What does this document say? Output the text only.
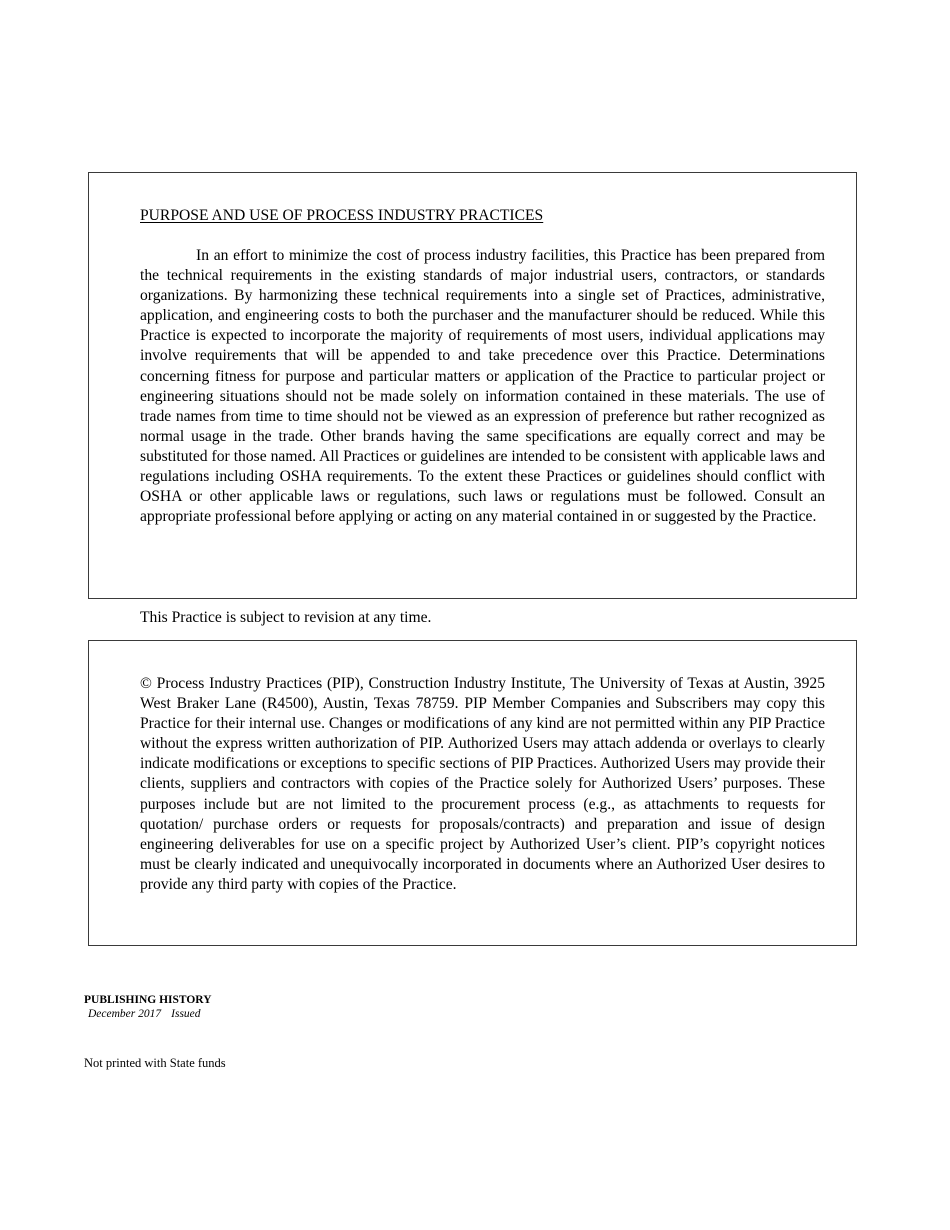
PURPOSE AND USE OF PROCESS INDUSTRY PRACTICES

In an effort to minimize the cost of process industry facilities, this Practice has been prepared from the technical requirements in the existing standards of major industrial users, contractors, or standards organizations. By harmonizing these technical requirements into a single set of Practices, administrative, application, and engineering costs to both the purchaser and the manufacturer should be reduced. While this Practice is expected to incorporate the majority of requirements of most users, individual applications may involve requirements that will be appended to and take precedence over this Practice. Determinations concerning fitness for purpose and particular matters or application of the Practice to particular project or engineering situations should not be made solely on information contained in these materials. The use of trade names from time to time should not be viewed as an expression of preference but rather recognized as normal usage in the trade. Other brands having the same specifications are equally correct and may be substituted for those named. All Practices or guidelines are intended to be consistent with applicable laws and regulations including OSHA requirements. To the extent these Practices or guidelines should conflict with OSHA or other applicable laws or regulations, such laws or regulations must be followed. Consult an appropriate professional before applying or acting on any material contained in or suggested by the Practice.

This Practice is subject to revision at any time.

© Process Industry Practices (PIP), Construction Industry Institute, The University of Texas at Austin, 3925 West Braker Lane (R4500), Austin, Texas 78759. PIP Member Companies and Subscribers may copy this Practice for their internal use. Changes or modifications of any kind are not permitted within any PIP Practice without the express written authorization of PIP. Authorized Users may attach addenda or overlays to clearly indicate modifications or exceptions to specific sections of PIP Practices. Authorized Users may provide their clients, suppliers and contractors with copies of the Practice solely for Authorized Users’ purposes. These purposes include but are not limited to the procurement process (e.g., as attachments to requests for quotation/ purchase orders or requests for proposals/contracts) and preparation and issue of design engineering deliverables for use on a specific project by Authorized User’s client. PIP’s copyright notices must be clearly indicated and unequivocally incorporated in documents where an Authorized User desires to provide any third party with copies of the Practice.

PUBLISHING HISTORY
December 2017 Issued

Not printed with State funds
